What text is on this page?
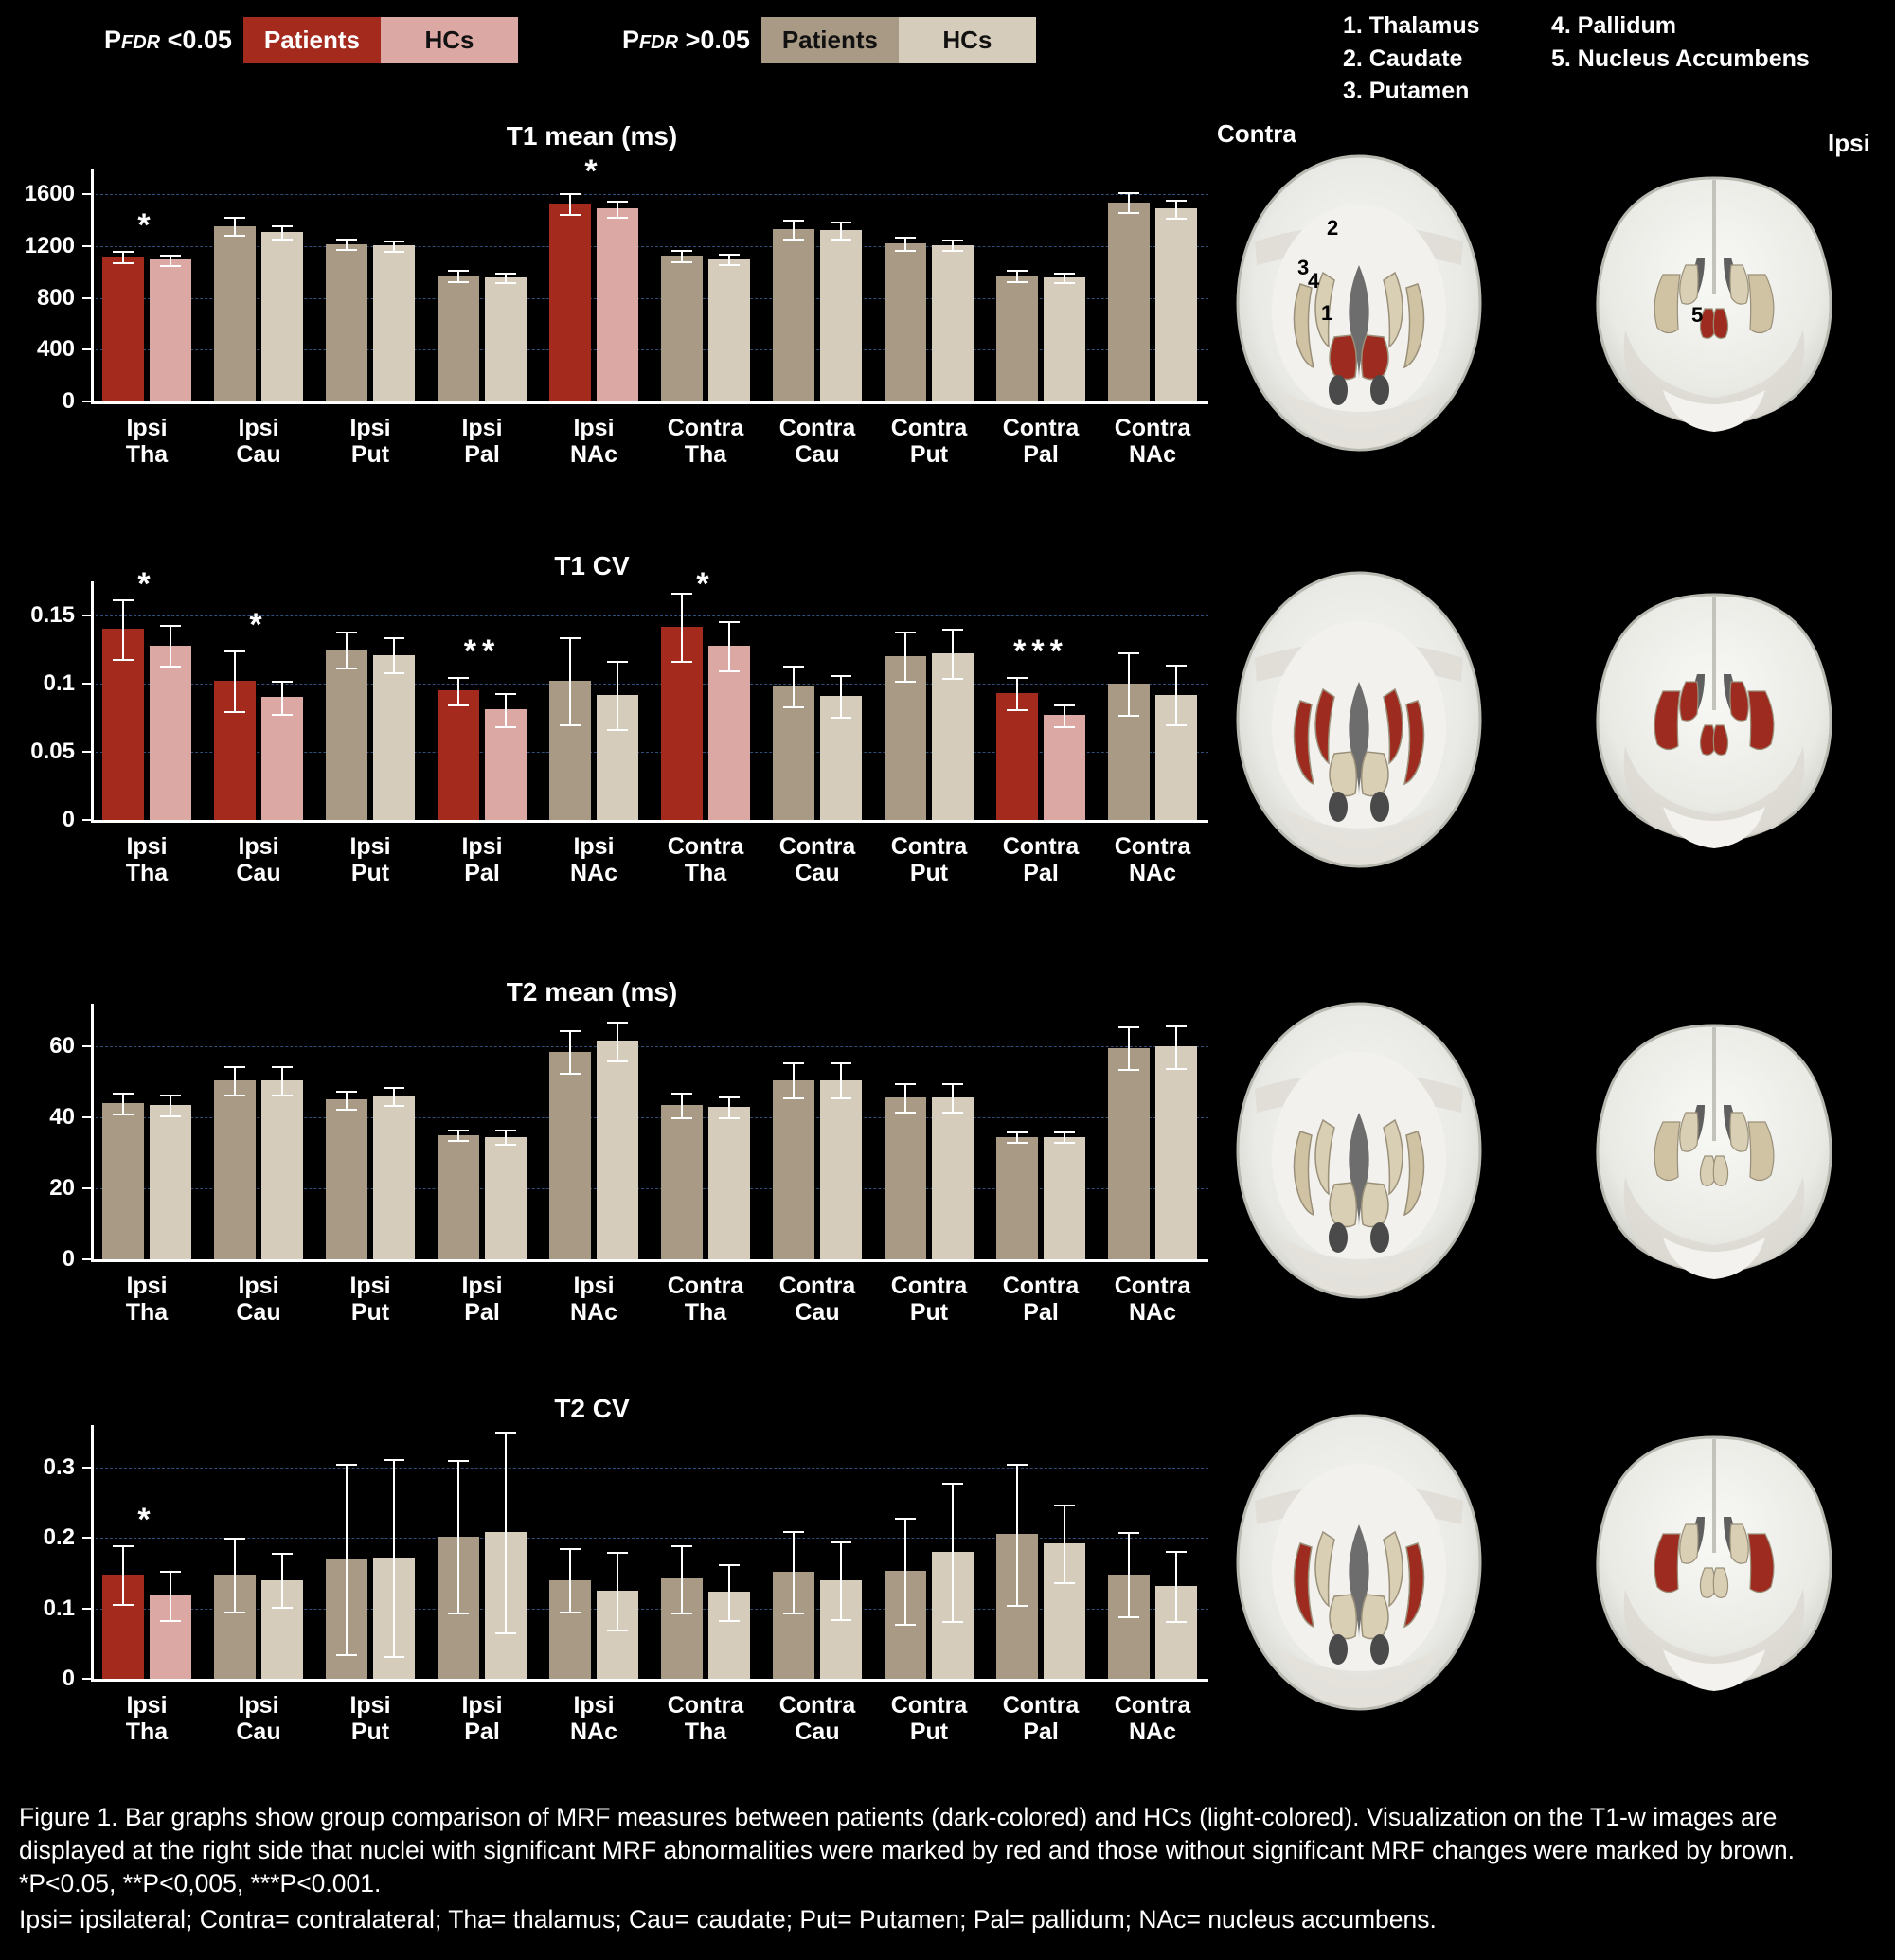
PFDR <0.05	Patients	HCs	PFDR >0.05	Patients	HCs	1. Thalamus
2. Caudate
3. Putamen
4. Pallidum
5. Nucleus Accumbens
Contra	Ipsi
T1 mean (ms)
0
400
800
1200
1600
Ipsi
Tha
Ipsi
Cau
Ipsi
Put
Ipsi
Pal
Ipsi
NAc
Contra
Tha
Contra
Cau
Contra
Put
Contra
Pal
Contra
NAc
*
*
T1 CV
0
0.05
0.1
0.15
Ipsi
Tha
Ipsi
Cau
Ipsi
Put
Ipsi
Pal
Ipsi
NAc
Contra
Tha
Contra
Cau
Contra
Put
Contra
Pal
Contra
NAc
*
*
**
*
***
T2 mean (ms)
0
20
40
60
Ipsi
Tha
Ipsi
Cau
Ipsi
Put
Ipsi
Pal
Ipsi
NAc
Contra
Tha
Contra
Cau
Contra
Put
Contra
Pal
Contra
NAc
T2 CV
0
0.1
0.2
0.3
Ipsi
Tha
Ipsi
Cau
Ipsi
Put
Ipsi
Pal
Ipsi
NAc
Contra
Tha
Contra
Cau
Contra
Put
Contra
Pal
Contra
NAc
*
2
3
4
1	5

Figure 1. Bar graphs show group comparison of MRF measures between patients (dark-colored) and HCs (light-colored). Visualization on the T1-w images are displayed at the right side that nuclei with significant MRF abnormalities were marked by red and those without significant MRF changes were marked by brown. *P<0.05, **P<0,005, ***P<0.001.

Ipsi= ipsilateral; Contra= contralateral; Tha= thalamus; Cau= caudate; Put= Putamen; Pal= pallidum; NAc= nucleus accumbens.
